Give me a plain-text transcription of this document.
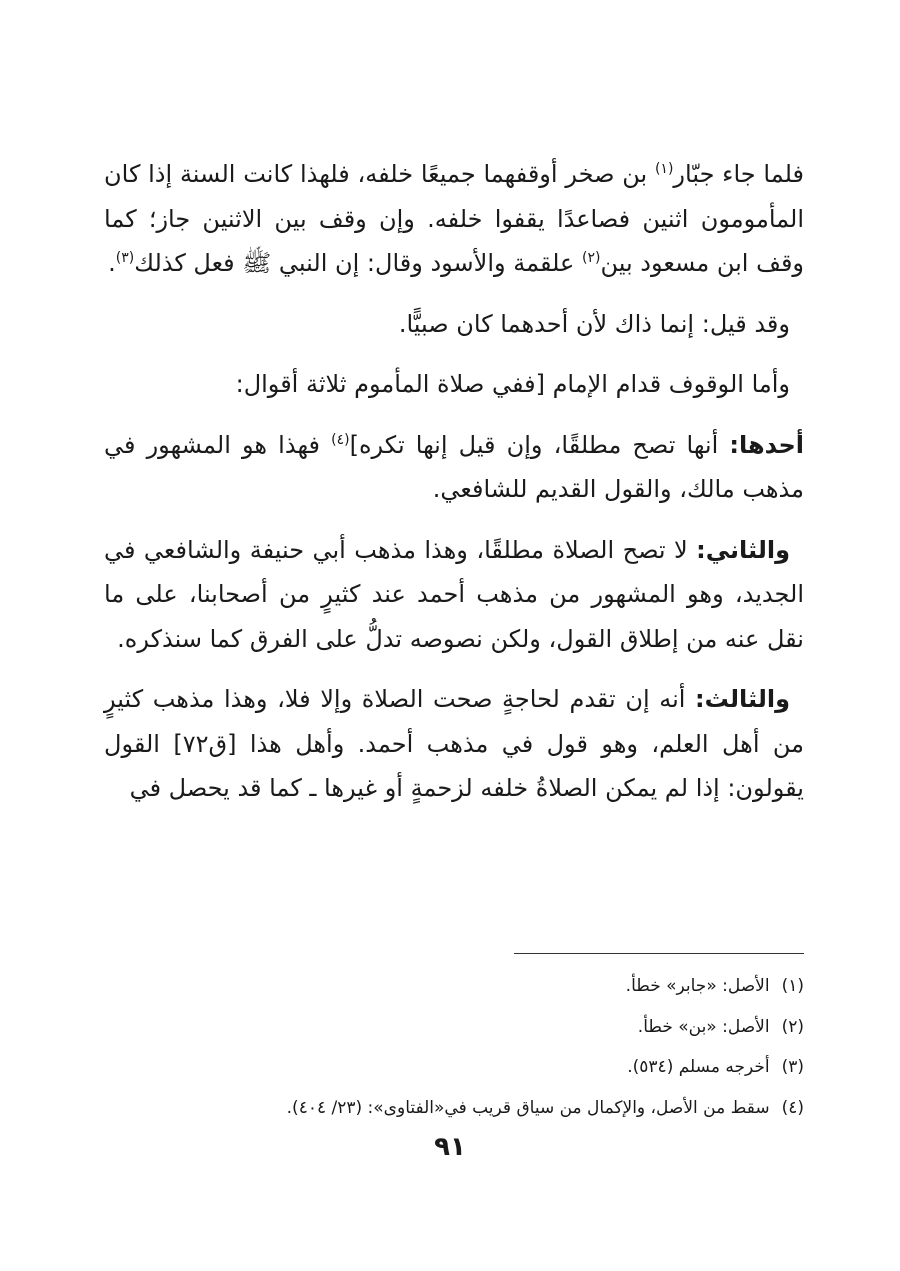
فلما جاء جبّار$^{(١)}$ بن صخر أوقفهما جميعًا خلفه، فلهذا كانت السنة إذا كان المأمومون اثنين فصاعدًا يقفوا خلفه. وإن وقف بين الاثنين جاز؛ كما وقف ابن مسعود بين$^{(٢)}$ علقمة والأسود وقال: إن النبي ﷺ فعل كذلك$^{(٣)}$.

وقد قيل: إنما ذاك لأن أحدهما كان صبيًّا.

وأما الوقوف قدام الإمام [ففي صلاة المأموم ثلاثة أقوال:

أحدها: أنها تصح مطلقًا، وإن قيل إنها تكره]$^{(٤)}$ فهذا هو المشهور في مذهب مالك، والقول القديم للشافعي.

والثاني: لا تصح الصلاة مطلقًا، وهذا مذهب أبي حنيفة والشافعي في الجديد، وهو المشهور من مذهب أحمد عند كثيرٍ من أصحابنا، على ما نقل عنه من إطلاق القول، ولكن نصوصه تدلُّ على الفرق كما سنذكره.

والثالث: أنه إن تقدم لحاجةٍ صحت الصلاة وإلا فلا، وهذا مذهب كثيرٍ من أهل العلم، وهو قول في مذهب أحمد. وأهل هذا [ق٧٢] القول يقولون: إذا لم يمكن الصلاةُ خلفه لزحمةٍ أو غيرها ـ كما قد يحصل في

(١)الأصل: «جابر» خطأ.

(٢)الأصل: «بن» خطأ.

(٣)أخرجه مسلم (٥٣٤).

(٤)سقط من الأصل، والإكمال من سياق قريب في«الفتاوى»: (٢٣/ ٤٠٤).

٩١
